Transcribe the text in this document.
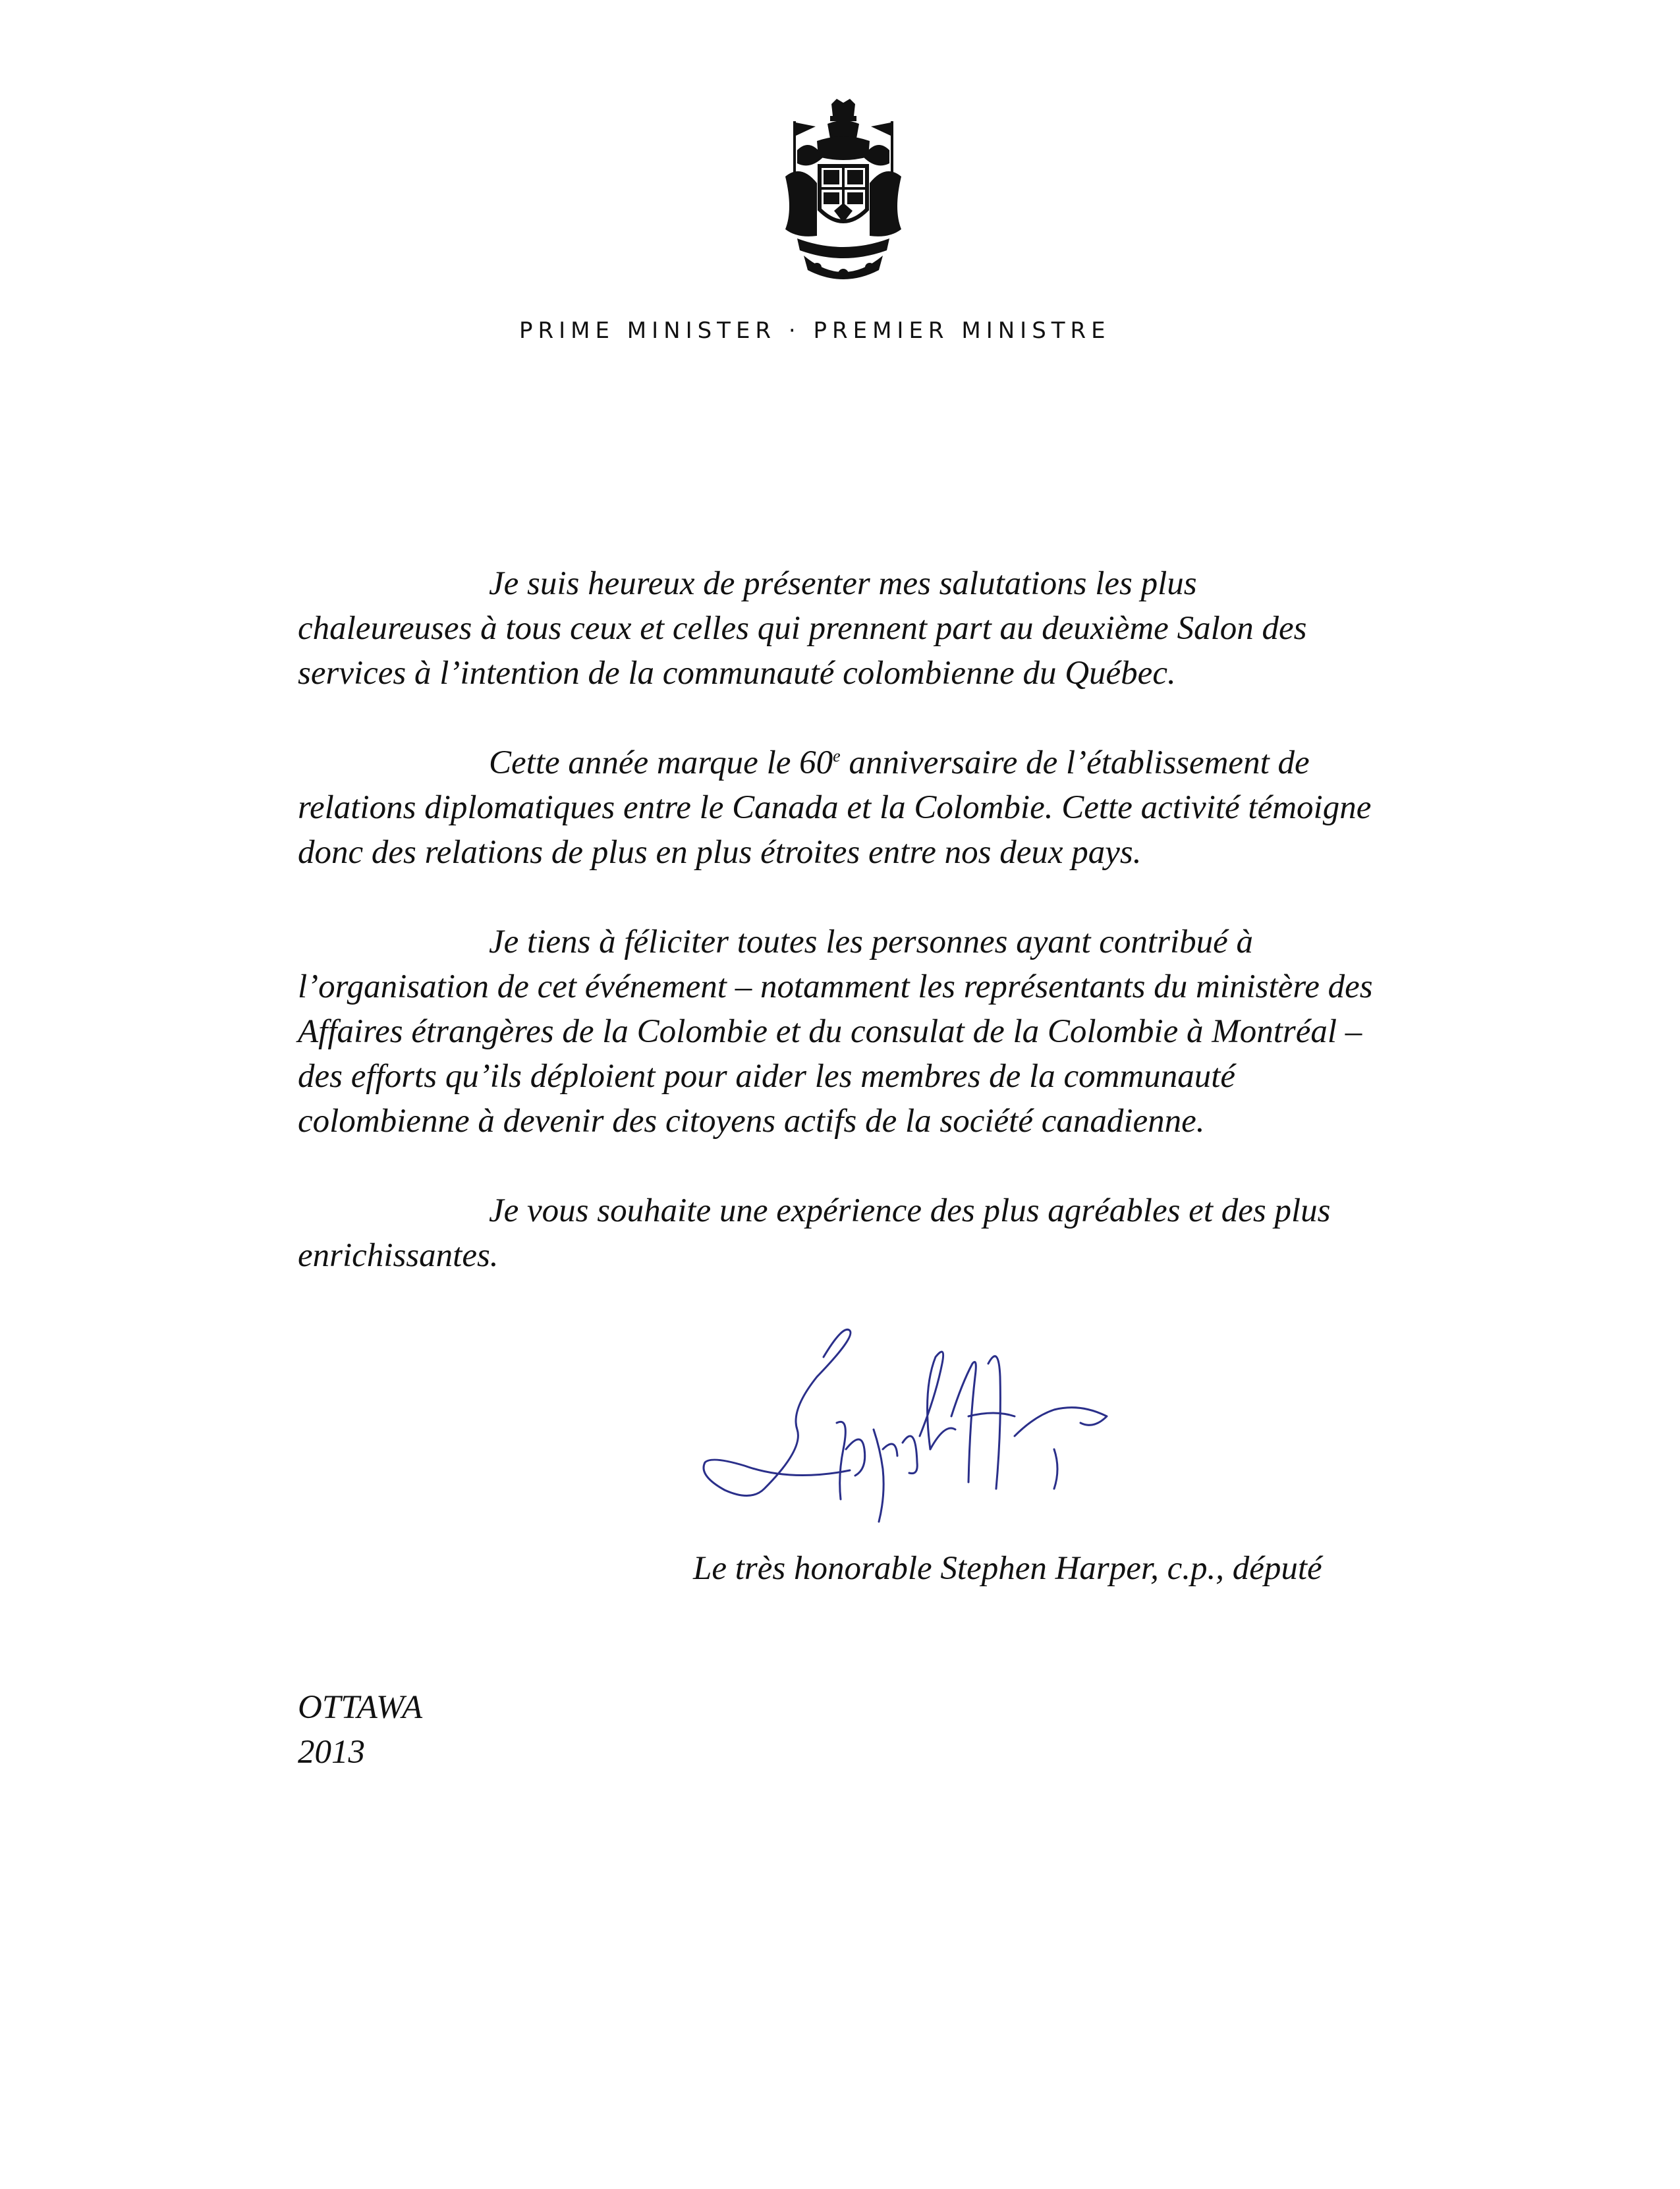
PRIME MINISTER · PREMIER MINISTRE

Je suis heureux de présenter mes salutations les plus chaleureuses à tous ceux et celles qui prennent part au deuxième Salon des services à l’intention de la communauté colombienne du Québec.

Cette année marque le 60e anniversaire de l’établissement de relations diplomatiques entre le Canada et la Colombie. Cette activité témoigne donc des relations de plus en plus étroites entre nos deux pays.

Je tiens à féliciter toutes les personnes ayant contribué à l’organisation de cet événement – notamment les représentants du ministère des Affaires étrangères de la Colombie et du consulat de la Colombie à Montréal – des efforts qu’ils déploient pour aider les membres de la communauté colombienne à devenir des citoyens actifs de la société canadienne.

Je vous souhaite une expérience des plus agréables et des plus enrichissantes.

Le très honorable Stephen Harper, c.p., député
OTTAWA
2013
